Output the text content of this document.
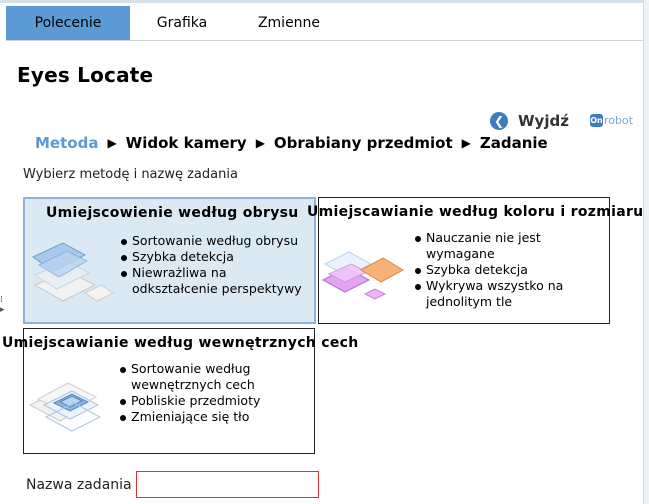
Polecenie	Grafika	Zmienne
Eyes Locate
❮ Wyjdź	On robot
Metoda ▶ Widok kamery ▶ Obrabiany przedmiot ▶ Zadanie
Wybierz metodę i nazwę zadania
⁞▸
Umiejscowienie według obrysu
Sortowanie według obrysu
Szybka detekcja
Niewrażliwa na odkształcenie perspektywy
Umiejscawianie według koloru i rozmiaru
Nauczanie nie jest wymagane
Szybka detekcja
Wykrywa wszystko na jednolitym tle
Umiejscawianie według wewnętrznych cech
Sortowanie według wewnętrznych cech
Pobliskie przedmioty
Zmieniające się tło
Nazwa zadania
